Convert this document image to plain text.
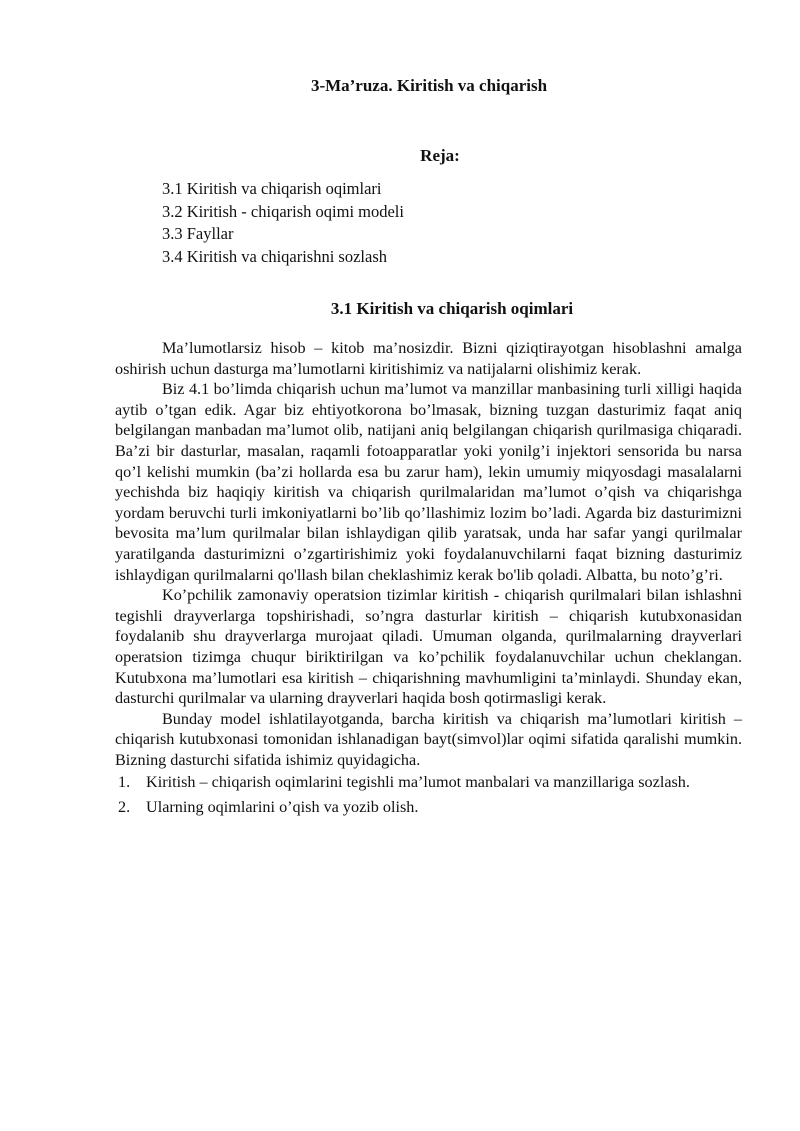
3-Ma’ruza. Kiritish va chiqarish
Reja:
3.1 Kiritish va chiqarish oqimlari
3.2 Kiritish - chiqarish oqimi modeli
3.3 Fayllar
3.4 Kiritish va chiqarishni sozlash
3.1 Kiritish va chiqarish oqimlari

Ma’lumotlarsiz hisob – kitob ma’nosizdir. Bizni qiziqtirayotgan hisoblashni amalga oshirish uchun dasturga ma’lumotlarni kiritishimiz va natijalarni olishimiz kerak.

Biz 4.1 bo’limda chiqarish uchun ma’lumot va manzillar manbasining turli xilligi haqida aytib o’tgan edik. Agar biz ehtiyotkorona bo’lmasak, bizning tuzgan dasturimiz faqat aniq belgilangan manbadan ma’lumot olib, natijani aniq belgilangan chiqarish qurilmasiga chiqaradi. Ba’zi bir dasturlar, masalan, raqamli fotoapparatlar yoki yonilg’i injektori sensorida bu narsa qo’l kelishi mumkin (ba’zi hollarda esa bu zarur ham), lekin umumiy miqyosdagi masalalarni yechishda biz haqiqiy kiritish va chiqarish qurilmalaridan ma’lumot o’qish va chiqarishga yordam beruvchi turli imkoniyatlarni bo’lib qo’llashimiz lozim bo’ladi. Agarda biz dasturimizni bevosita ma’lum qurilmalar bilan ishlaydigan qilib yaratsak, unda har safar yangi qurilmalar yaratilganda dasturimizni o’zgartirishimiz yoki foydalanuvchilarni faqat bizning dasturimiz ishlaydigan qurilmalarni qo'llash bilan cheklashimiz kerak bo'lib qoladi. Albatta, bu noto’g’ri.

Ko’pchilik zamonaviy operatsion tizimlar kiritish - chiqarish qurilmalari bilan ishlashni tegishli drayverlarga topshirishadi, so’ngra dasturlar kiritish – chiqarish kutubxonasidan foydalanib shu drayverlarga murojaat qiladi. Umuman olganda, qurilmalarning drayverlari operatsion tizimga chuqur biriktirilgan va ko’pchilik foydalanuvchilar uchun cheklangan. Kutubxona ma’lumotlari esa kiritish – chiqarishning mavhumligini ta’minlaydi. Shunday ekan, dasturchi qurilmalar va ularning drayverlari haqida bosh qotirmasligi kerak.

Bunday model ishlatilayotganda, barcha kiritish va chiqarish ma’lumotlari kiritish – chiqarish kutubxonasi tomonidan ishlanadigan bayt(simvol)lar oqimi sifatida qaralishi mumkin. Bizning dasturchi sifatida ishimiz quyidagicha.

1. Kiritish – chiqarish oqimlarini tegishli ma’lumot manbalari va manzillariga sozlash.
2. Ularning oqimlarini o’qish va yozib olish.
